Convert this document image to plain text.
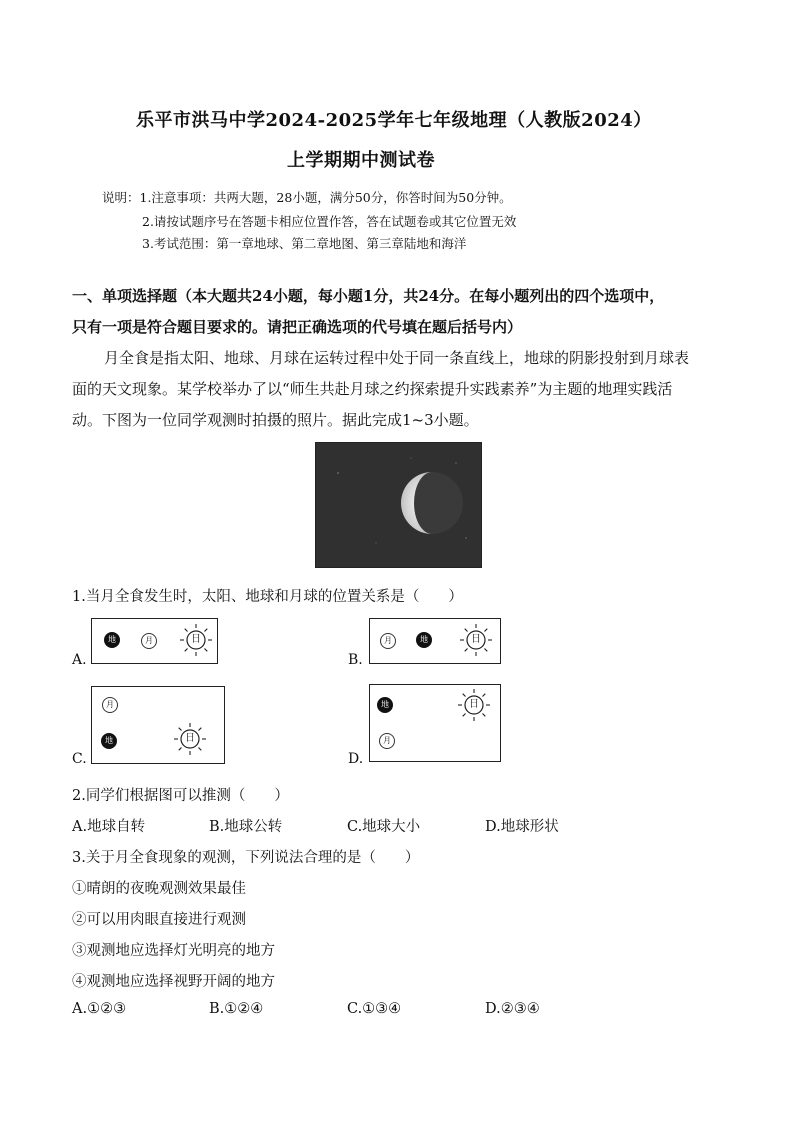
乐平市洪马中学2024-2025学年七年级地理（人教版2024）
上学期期中测试卷
说明：1.注意事项：共两大题，28小题，满分50分，你答时间为50分钟。
2.请按试题序号在答题卡相应位置作答，答在试题卷或其它位置无效
3.考试范围：第一章地球、第二章地图、第三章陆地和海洋
一、单项选择题（本大题共24小题，每小题1分，共24分。在每小题列出的四个选项中，
只有一项是符合题目要求的。请把正确选项的代号填在题后括号内）
月全食是指太阳、地球、月球在运转过程中处于同一条直线上，地球的阴影投射到月球表
面的天文现象。某学校举办了以“师生共赴月球之约探索提升实践素养”为主题的地理实践活
动。下图为一位同学观测时拍摄的照片。据此完成1~3小题。
1.当月全食发生时，太阳、地球和月球的位置关系是（　　）
地	月	日
A.
月	地	日
B.
月
地	日
C.
地
月
日
D.
2.同学们根据图可以推测（　　）
A.地球自转	B.地球公转	C.地球大小	D.地球形状
3.关于月全食现象的观测，下列说法合理的是（　　）
①晴朗的夜晚观测效果最佳
②可以用肉眼直接进行观测
③观测地应选择灯光明亮的地方
④观测地应选择视野开阔的地方
A.①②③	B.①②④	C.①③④	D.②③④
